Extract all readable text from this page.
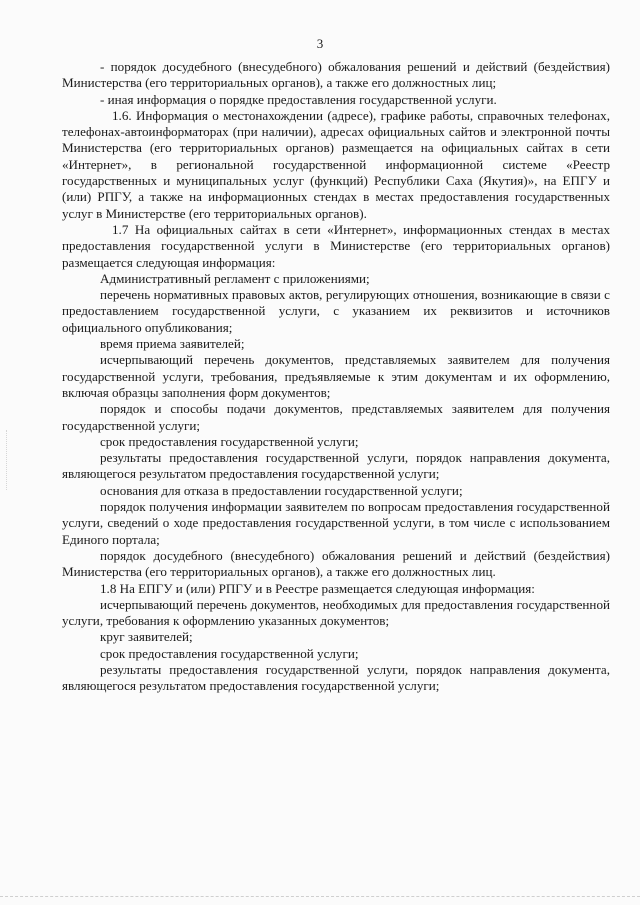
3

- порядок досудебного (внесудебного) обжалования решений и действий (бездействия) Министерства (его территориальных органов), а также его должностных лиц;

- иная информация о порядке предоставления государственной услуги.

1.6. Информация о местонахождении (адресе), графике работы, справочных телефонах, телефонах-автоинформаторах (при наличии), адресах официальных сайтов и электронной почты Министерства (его территориальных органов) размещается на официальных сайтах в сети «Интернет», в региональной государственной информационной системе «Реестр государственных и муниципальных услуг (функций) Республики Саха (Якутия)», на ЕПГУ и (или) РПГУ, а также на информационных стендах в местах предоставления государственных услуг в Министерстве (его территориальных органов).

1.7 На официальных сайтах в сети «Интернет», информационных стендах в местах предоставления государственной услуги в Министерстве (его территориальных органов) размещается следующая информация:

Административный регламент с приложениями;

перечень нормативных правовых актов, регулирующих отношения, возникающие в связи с предоставлением государственной услуги, с указанием их реквизитов и источников официального опубликования;

время приема заявителей;

исчерпывающий перечень документов, представляемых заявителем для получения государственной услуги, требования, предъявляемые к этим документам и их оформлению, включая образцы заполнения форм документов;

порядок и способы подачи документов, представляемых заявителем для получения государственной услуги;

срок предоставления государственной услуги;

результаты предоставления государственной услуги, порядок направления документа, являющегося результатом предоставления государственной услуги;

основания для отказа в предоставлении государственной услуги;

порядок получения информации заявителем по вопросам предоставления государственной услуги, сведений о ходе предоставления государственной услуги, в том числе с использованием Единого портала;

порядок досудебного (внесудебного) обжалования решений и действий (бездействия) Министерства (его территориальных органов), а также его должностных лиц.

1.8 На ЕПГУ и (или) РПГУ и в Реестре размещается следующая информация:

исчерпывающий перечень документов, необходимых для предоставления государственной услуги, требования к оформлению указанных документов;

круг заявителей;

срок предоставления государственной услуги;

результаты предоставления государственной услуги, порядок направления документа, являющегося результатом предоставления государственной услуги;
